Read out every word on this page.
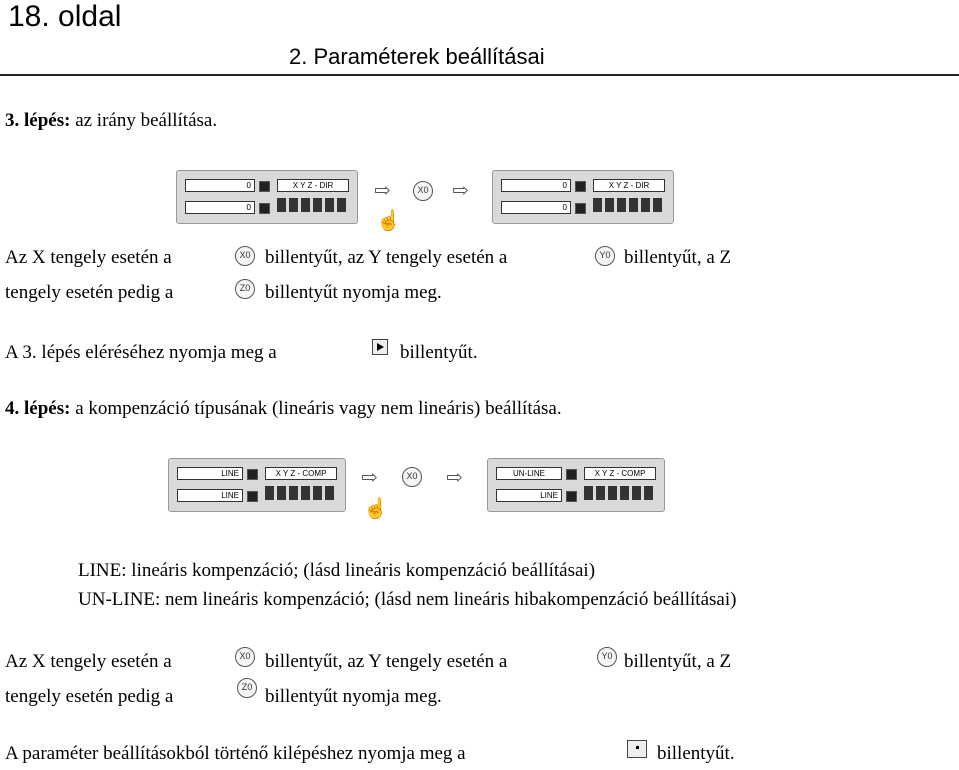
18. oldal
2. Paraméterek beállításai
3. lépés: az irány beállítása.
0	X Y Z - DIR
0
⇨	X0 ⇨
☝
0	X Y Z - DIR
0
Az X tengely esetén a	X0 billentyűt, az Y tengely esetén a	Y0 billentyűt, a Z
tengely esetén pedig a	Z0 billentyűt nyomja meg.
A 3. lépés eléréséhez nyomja meg a	billentyűt.
4. lépés: a kompenzáció típusának (lineáris vagy nem lineáris) beállítása.
LINE	X Y Z - COMP
LINE
⇨	X0 ⇨
☝
UN-LINE	X Y Z - COMP
LINE
LINE: lineáris kompenzáció; (lásd lineáris kompenzáció beállításai)
UN-LINE: nem lineáris kompenzáció; (lásd nem lineáris hibakompenzáció beállításai)
Az X tengely esetén a	X0 billentyűt, az Y tengely esetén a	Y0 billentyűt, a Z
tengely esetén pedig a	Z0 billentyűt nyomja meg.
A paraméter beállításokból történő kilépéshez nyomja meg a	billentyűt.
